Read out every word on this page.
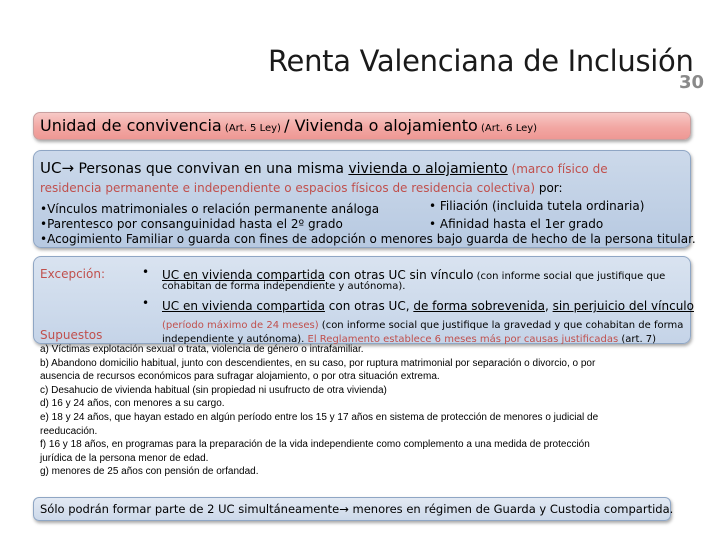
Renta Valenciana de Inclusión
30
Unidad de convivencia (Art. 5 Ley) / Vivienda o alojamiento (Art. 6 Ley)
UC→ Personas que convivan en una misma vivienda o alojamiento (marco físico de
residencia permanente e independiente o espacios físicos de residencia colectiva) por:
•Vínculos matrimoniales o relación permanente análoga
•Parentesco por consanguinidad hasta el 2º grado
•Acogimiento Familiar o guarda con fines de adopción o menores bajo guarda de hecho de la persona titular.
• Filiación (incluida tutela ordinaria)
• Afinidad hasta el 1er grado
Excepción:
Supuestos
• UC en vivienda compartida con otras UC sin vínculo (con informe social que justifique que
cohabitan de forma independiente y autónoma).
• UC en vivienda compartida con otras UC, de forma sobrevenida, sin perjuicio del vínculo
(período máximo de 24 meses) (con informe social que justifique la gravedad y que cohabitan de forma
independiente y autónoma). El Reglamento establece 6 meses más por causas justificadas (art. 7)
a) Víctimas explotación sexual o trata, violencia de género o intrafamiliar.
b) Abandono domicilio habitual, junto con descendientes, en su caso, por ruptura matrimonial por separación o divorcio, o por
ausencia de recursos económicos para sufragar alojamiento, o por otra situación extrema.
c) Desahucio de vivienda habitual (sin propiedad ni usufructo de otra vivienda)
d) 16 y 24 años, con menores a su cargo.
e) 18 y 24 años, que hayan estado en algún período entre los 15 y 17 años en sistema de protección de menores o judicial de
reeducación.
f) 16 y 18 años, en programas para la preparación de la vida independiente como complemento a una medida de protección
jurídica de la persona menor de edad.
g) menores de 25 años con pensión de orfandad.
Sólo podrán formar parte de 2 UC simultáneamente→ menores en régimen de Guarda y Custodia compartida.
